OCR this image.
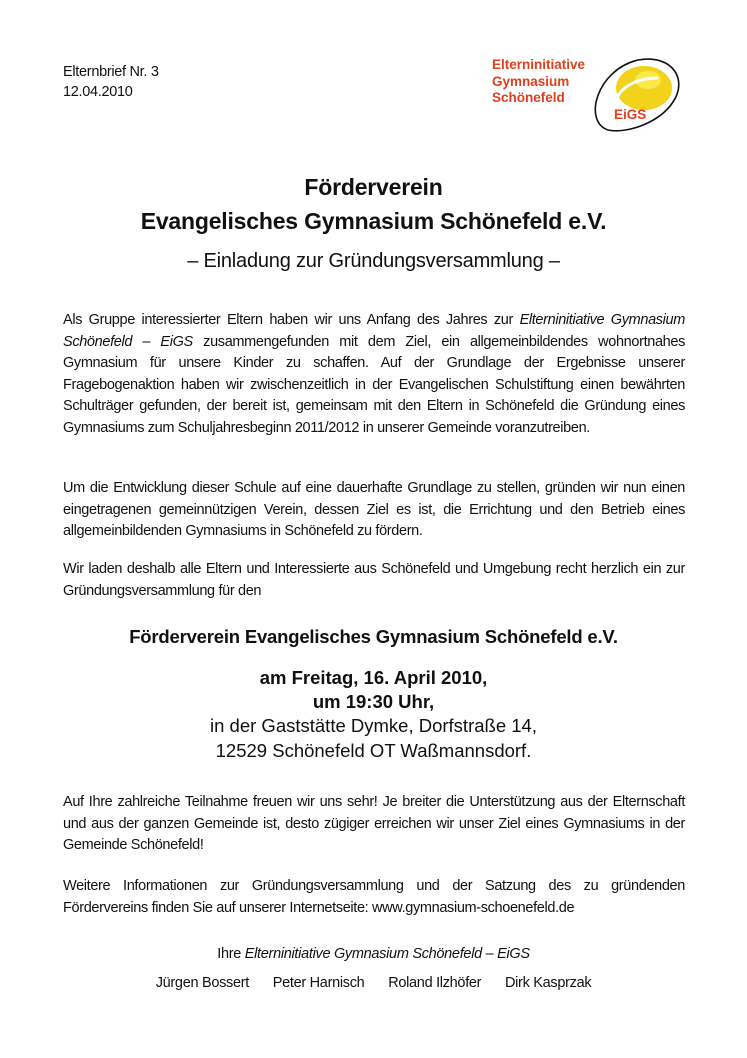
Elternbrief Nr. 3
12.04.2010
Elterninitiative
Gymnasium
Schönefeld
EiGS
Förderverein
Evangelisches Gymnasium Schönefeld e.V.
– Einladung zur Gründungsversammlung –

Als Gruppe interessierter Eltern haben wir uns Anfang des Jahres zur Elterninitiative Gymnasium Schönefeld – EiGS zusammengefunden mit dem Ziel, ein allgemeinbildendes wohnortnahes Gymnasium für unsere Kinder zu schaffen. Auf der Grundlage der Ergebnisse unserer Fragebogenaktion haben wir zwischenzeitlich in der Evangelischen Schulstiftung einen bewährten Schulträger gefunden, der bereit ist, gemeinsam mit den Eltern in Schönefeld die Gründung eines Gymnasiums zum Schuljahresbeginn 2011/2012 in unserer Gemeinde voranzutreiben.

Um die Entwicklung dieser Schule auf eine dauerhafte Grundlage zu stellen, gründen wir nun einen eingetragenen gemeinnützigen Verein, dessen Ziel es ist, die Errichtung und den Betrieb eines allgemeinbildenden Gymnasiums in Schönefeld zu fördern.

Wir laden deshalb alle Eltern und Interessierte aus Schönefeld und Umgebung recht herzlich ein zur Gründungsversammlung für den

Förderverein Evangelisches Gymnasium Schönefeld e.V.
am Freitag, 16. April 2010,
um 19:30 Uhr,
in der Gaststätte Dymke, Dorfstraße 14,
12529 Schönefeld OT Waßmannsdorf.

Auf Ihre zahlreiche Teilnahme freuen wir uns sehr! Je breiter die Unterstützung aus der Elternschaft und aus der ganzen Gemeinde ist, desto zügiger erreichen wir unser Ziel eines Gymnasiums in der Gemeinde Schönefeld!

Weitere Informationen zur Gründungsversammlung und der Satzung des zu gründenden Fördervereins finden Sie auf unserer Internetseite: www.gymnasium-schoenefeld.de

Ihre Elterninitiative Gymnasium Schönefeld – EiGS
Jürgen Bossert Peter Harnisch Roland Ilzhöfer Dirk Kasprzak
